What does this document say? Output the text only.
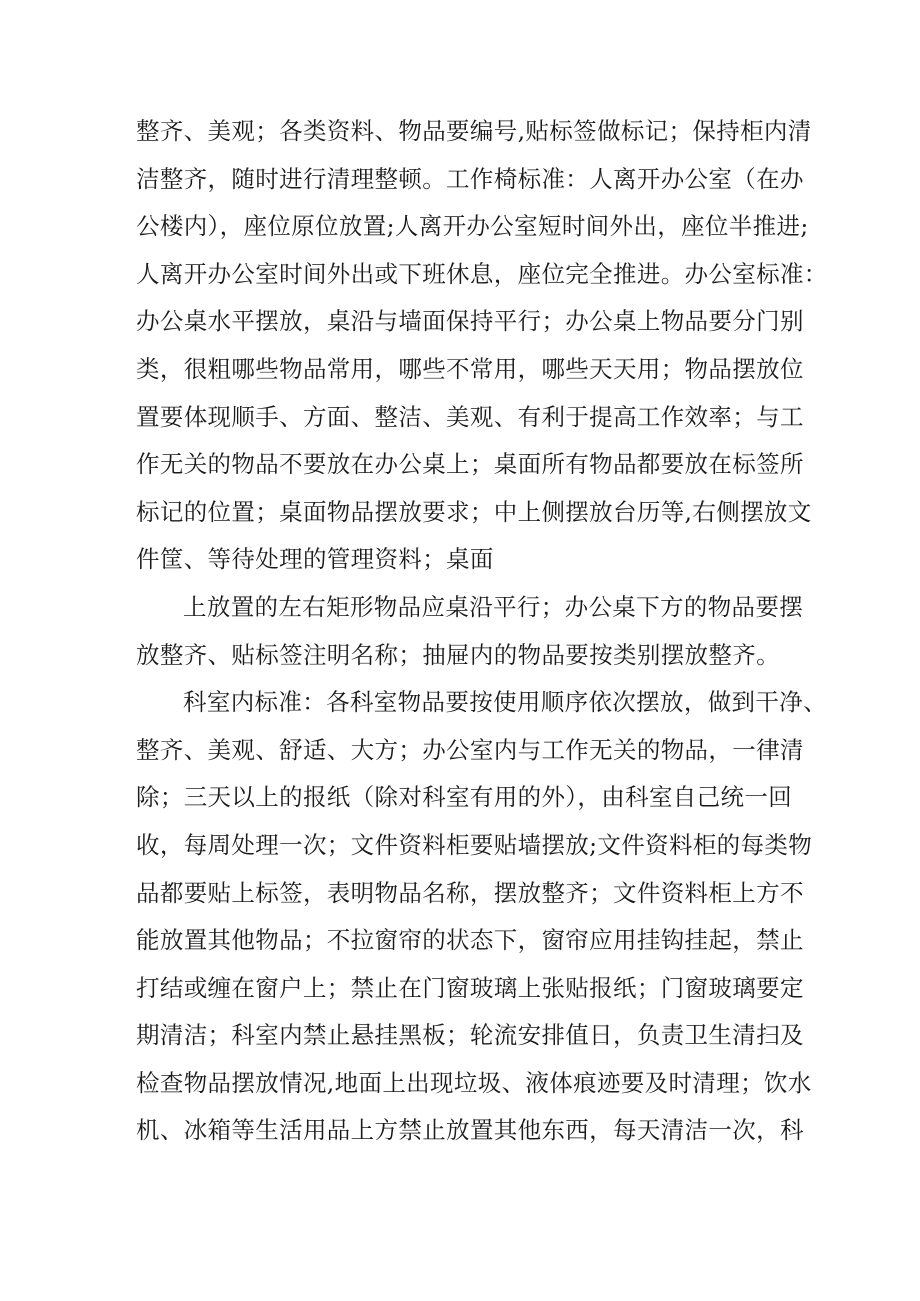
整齐、美观；各类资料、物品要编号,贴标签做标记；保持柜内清
洁整齐，随时进行清理整顿。工作椅标准：人离开办公室（在办
公楼内），座位原位放置;人离开办公室短时间外出，座位半推进;
人离开办公室时间外出或下班休息，座位完全推进。办公室标准：
办公桌水平摆放，桌沿与墙面保持平行；办公桌上物品要分门别
类，很粗哪些物品常用，哪些不常用，哪些天天用；物品摆放位
置要体现顺手、方面、整洁、美观、有利于提高工作效率；与工
作无关的物品不要放在办公桌上；桌面所有物品都要放在标签所
标记的位置；桌面物品摆放要求；中上侧摆放台历等,右侧摆放文
件筐、等待处理的管理资料；桌面
上放置的左右矩形物品应桌沿平行；办公桌下方的物品要摆
放整齐、贴标签注明名称；抽屉内的物品要按类别摆放整齐。
科室内标准：各科室物品要按使用顺序依次摆放，做到干净、
整齐、美观、舒适、大方；办公室内与工作无关的物品，一律清
除；三天以上的报纸（除对科室有用的外），由科室自己统一回
收，每周处理一次；文件资料柜要贴墙摆放;文件资料柜的每类物
品都要贴上标签，表明物品名称，摆放整齐；文件资料柜上方不
能放置其他物品；不拉窗帘的状态下，窗帘应用挂钩挂起，禁止
打结或缠在窗户上；禁止在门窗玻璃上张贴报纸；门窗玻璃要定
期清洁；科室内禁止悬挂黑板；轮流安排值日，负责卫生清扫及
检查物品摆放情况,地面上出现垃圾、液体痕迹要及时清理；饮水
机、冰箱等生活用品上方禁止放置其他东西，每天清洁一次，科
